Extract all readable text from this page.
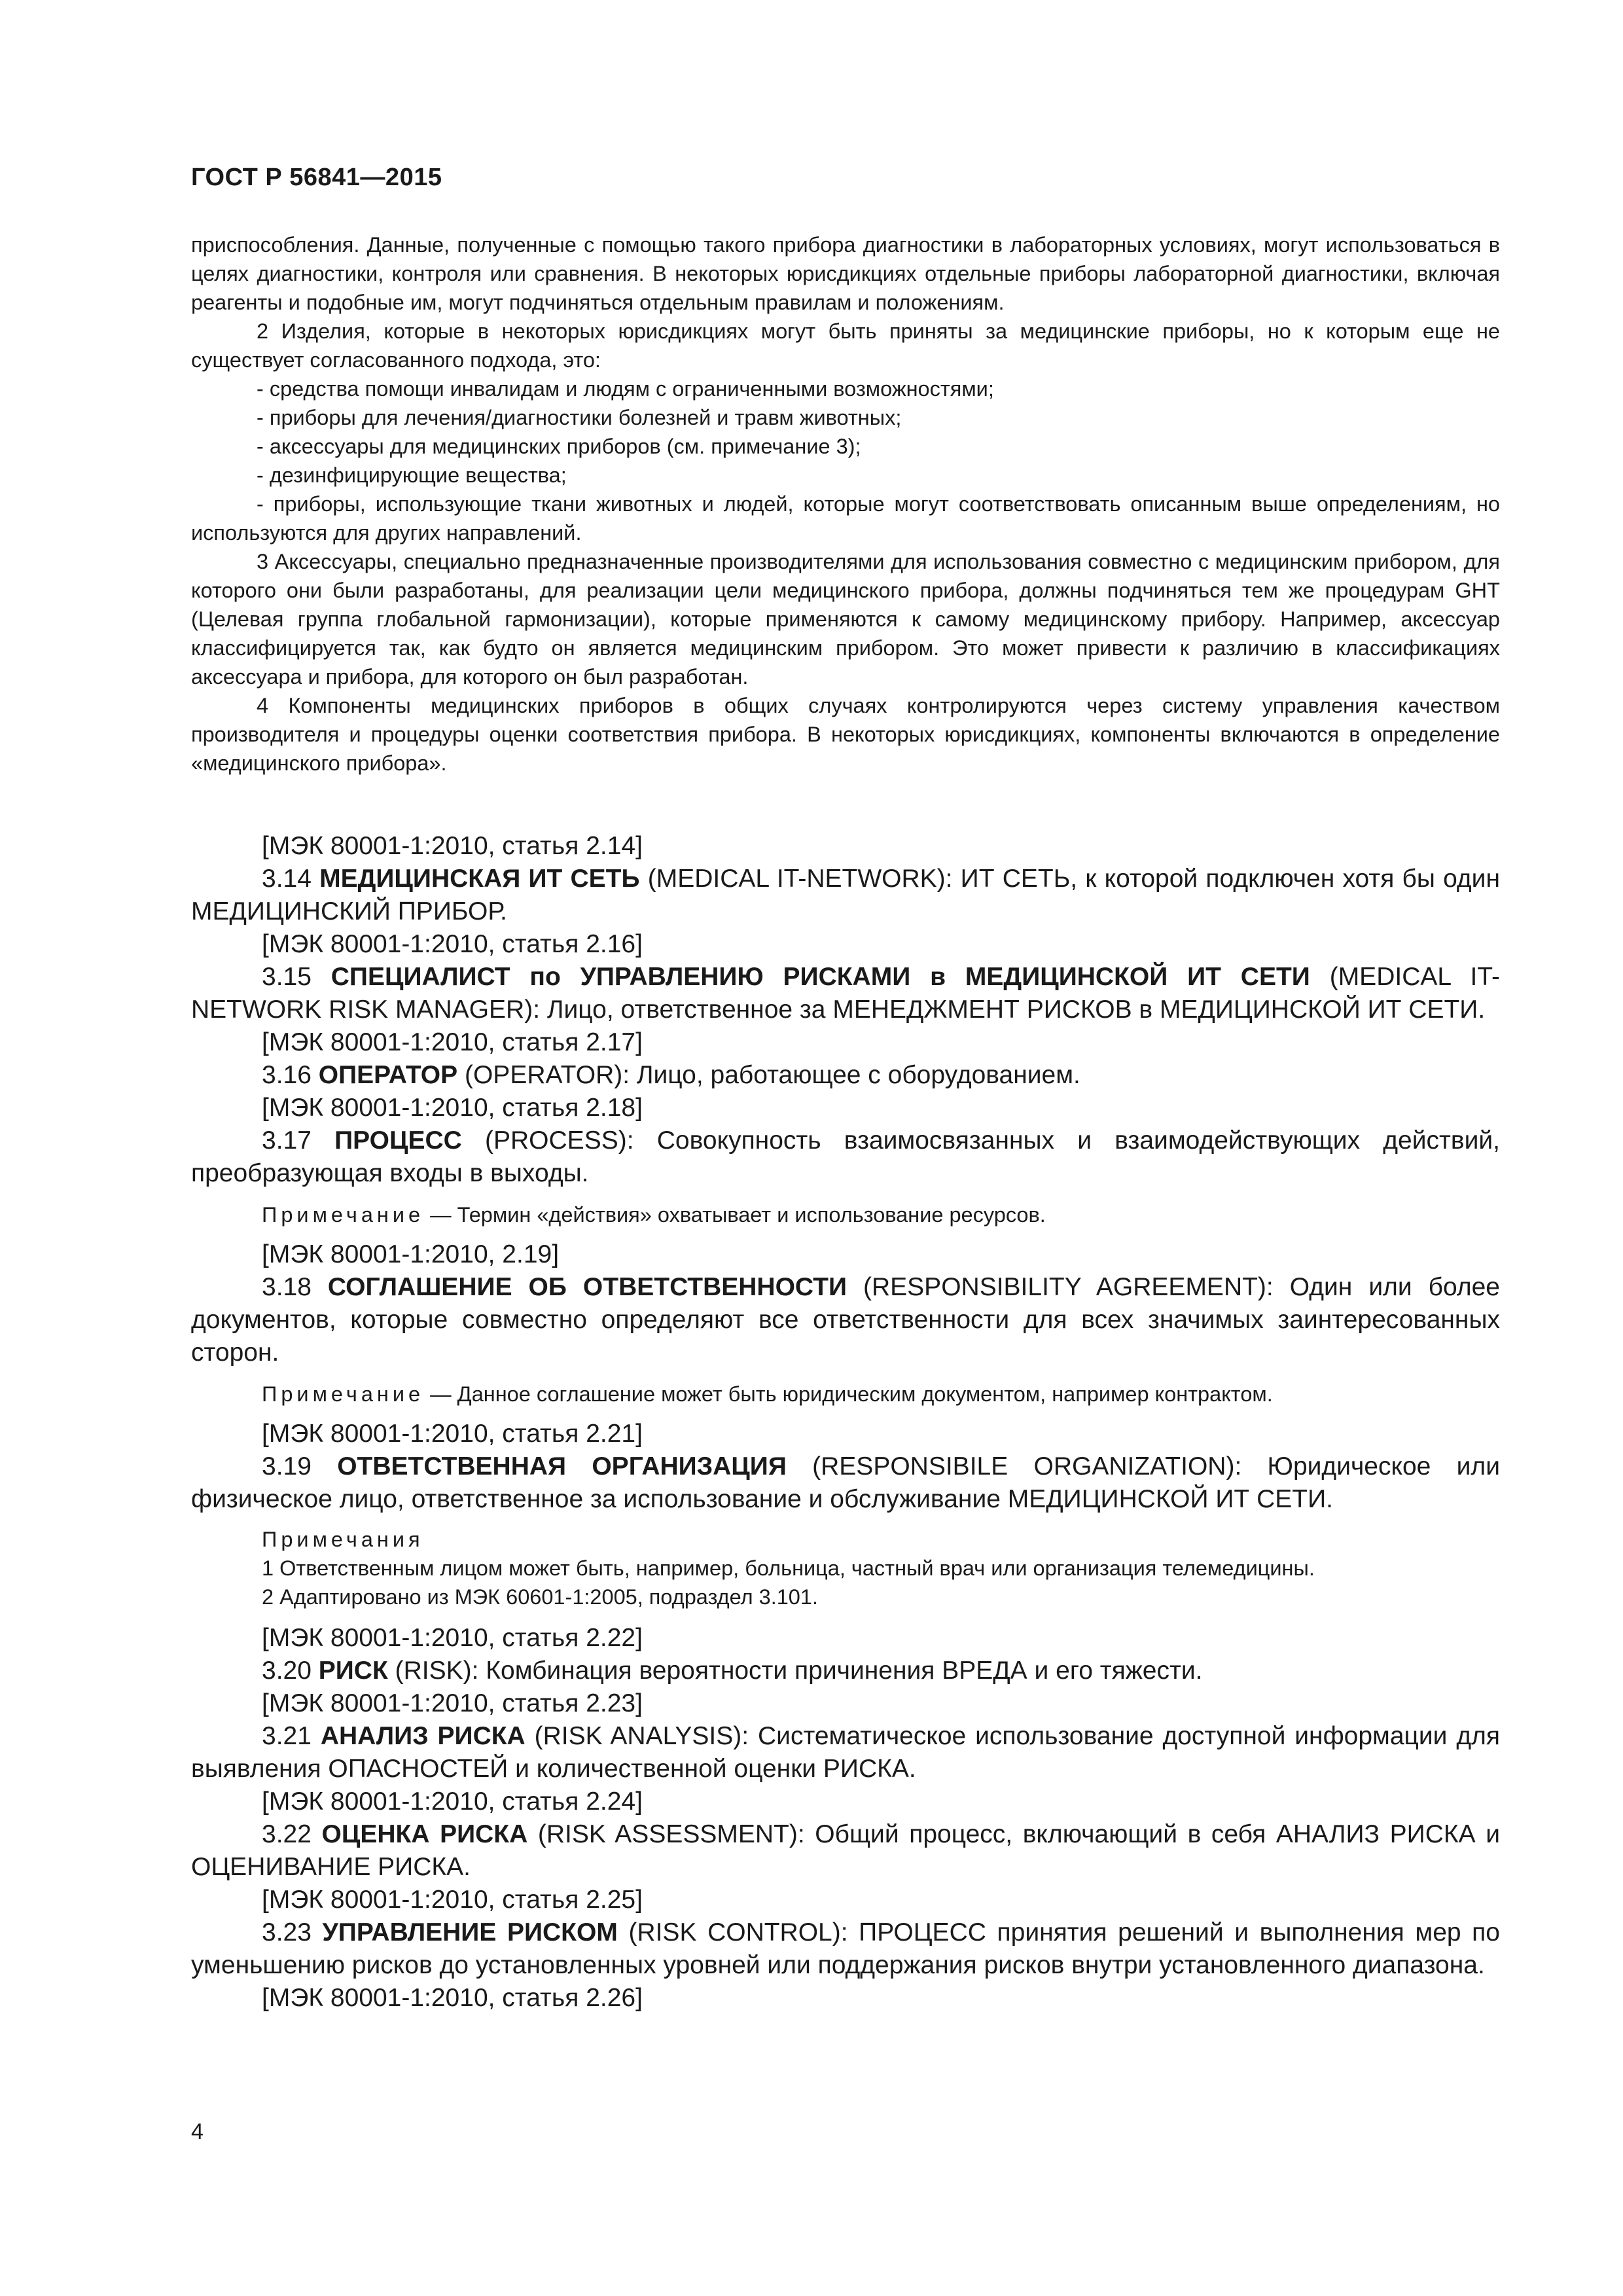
ГОСТ Р 56841—2015

приспособления. Данные, полученные с помощью такого прибора диагностики в лабораторных условиях, могут использоваться в целях диагностики, контроля или сравнения. В некоторых юрисдикциях отдельные приборы лабораторной диагностики, включая реагенты и подобные им, могут подчиняться отдельным правилам и положениям.

2 Изделия, которые в некоторых юрисдикциях могут быть приняты за медицинские приборы, но к которым еще не существует согласованного подхода, это:

- средства помощи инвалидам и людям с ограниченными возможностями;

- приборы для лечения/диагностики болезней и травм животных;

- аксессуары для медицинских приборов (см. примечание 3);

- дезинфицирующие вещества;

- приборы, использующие ткани животных и людей, которые могут соответствовать описанным выше определениям, но используются для других направлений.

3 Аксессуары, специально предназначенные производителями для использования совместно с медицинским прибором, для которого они были разработаны, для реализации цели медицинского прибора, должны подчиняться тем же процедурам GHT (Целевая группа глобальной гармонизации), которые применяются к самому медицинскому прибору. Например, аксессуар классифицируется так, как будто он является медицинским прибором. Это может привести к различию в классификациях аксессуара и прибора, для которого он был разработан.

4 Компоненты медицинских приборов в общих случаях контролируются через систему управления качеством производителя и процедуры оценки соответствия прибора. В некоторых юрисдикциях, компоненты включаются в определение «медицинского прибора».

[МЭК 80001-1:2010, статья 2.14]

3.14 МЕДИЦИНСКАЯ ИТ СЕТЬ (MEDICAL IT-NETWORK): ИТ СЕТЬ, к которой подключен хотя бы один МЕДИЦИНСКИЙ ПРИБОР.

[МЭК 80001-1:2010, статья 2.16]

3.15 СПЕЦИАЛИСТ по УПРАВЛЕНИЮ РИСКАМИ в МЕДИЦИНСКОЙ ИТ СЕТИ (MEDICAL IT-NETWORK RISK MANAGER): Лицо, ответственное за МЕНЕДЖМЕНТ РИСКОВ в МЕДИЦИНСКОЙ ИТ СЕТИ.

[МЭК 80001-1:2010, статья 2.17]

3.16 ОПЕРАТОР (OPERATOR): Лицо, работающее с оборудованием.

[МЭК 80001-1:2010, статья 2.18]

3.17 ПРОЦЕСС (PROCESS): Совокупность взаимосвязанных и взаимодействующих действий, преобразующая входы в выходы.

Примечание — Термин «действия» охватывает и использование ресурсов.

[МЭК 80001-1:2010, 2.19]

3.18 СОГЛАШЕНИЕ ОБ ОТВЕТСТВЕННОСТИ (RESPONSIBILITY AGREEMENT): Один или более документов, которые совместно определяют все ответственности для всех значимых заинтересованных сторон.

Примечание — Данное соглашение может быть юридическим документом, например контрактом.

[МЭК 80001-1:2010, статья 2.21]

3.19 ОТВЕТСТВЕННАЯ ОРГАНИЗАЦИЯ (RESPONSIBILE ORGANIZATION): Юридическое или физическое лицо, ответственное за использование и обслуживание МЕДИЦИНСКОЙ ИТ СЕТИ.

Примечания

1 Ответственным лицом может быть, например, больница, частный врач или организация телемедицины.

2 Адаптировано из МЭК 60601-1:2005, подраздел 3.101.

[МЭК 80001-1:2010, статья 2.22]

3.20 РИСК (RISK): Комбинация вероятности причинения ВРЕДА и его тяжести.

[МЭК 80001-1:2010, статья 2.23]

3.21 АНАЛИЗ РИСКА (RISK ANALYSIS): Систематическое использование доступной информации для выявления ОПАСНОСТЕЙ и количественной оценки РИСКА.

[МЭК 80001-1:2010, статья 2.24]

3.22 ОЦЕНКА РИСКА (RISK ASSESSMENT): Общий процесс, включающий в себя АНАЛИЗ РИСКА и ОЦЕНИВАНИЕ РИСКА.

[МЭК 80001-1:2010, статья 2.25]

3.23 УПРАВЛЕНИЕ РИСКОМ (RISK CONTROL): ПРОЦЕСС принятия решений и выполнения мер по уменьшению рисков до установленных уровней или поддержания рисков внутри установленного диапазона.

[МЭК 80001-1:2010, статья 2.26]

4
